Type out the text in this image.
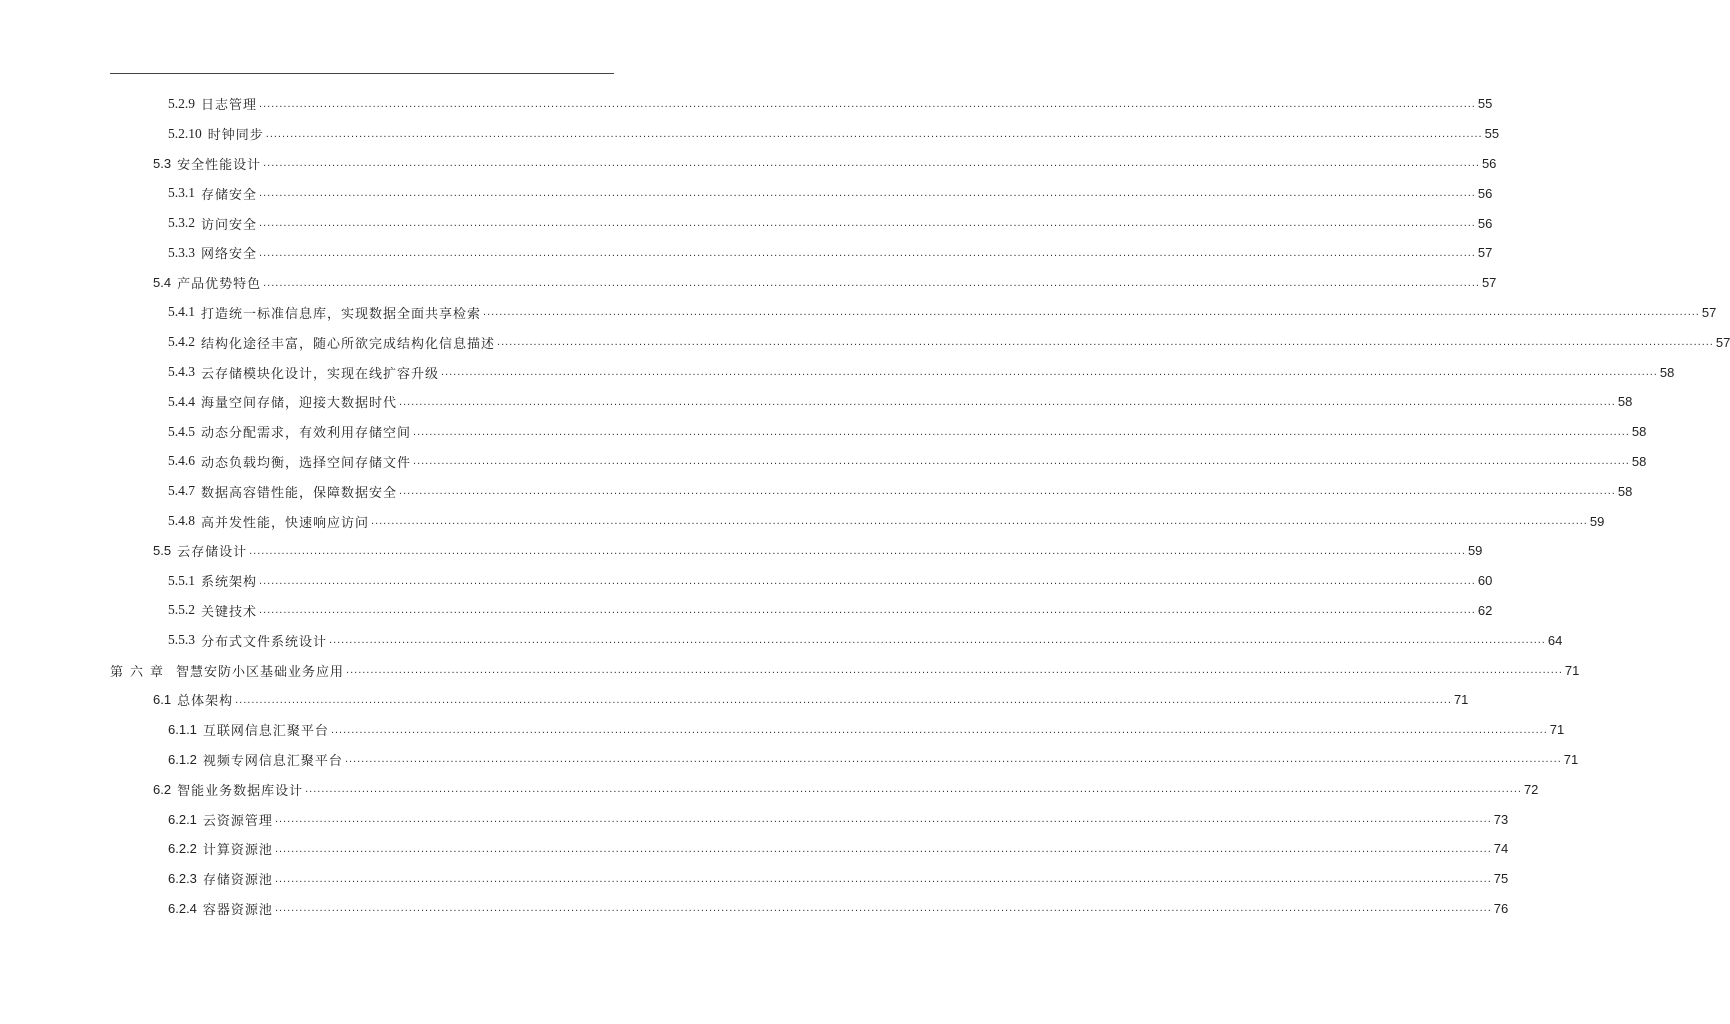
5.2.9 日志管理 ............................................................................................................................................................................................................................................................................................................ 55
5.2.10 时钟同步 ............................................................................................................................................................................................................................................................................................................ 55
5.3 安全性能设计 ............................................................................................................................................................................................................................................................................................................ 56
5.3.1 存储安全 ............................................................................................................................................................................................................................................................................................................ 56
5.3.2 访问安全 ............................................................................................................................................................................................................................................................................................................ 56
5.3.3 网络安全 ............................................................................................................................................................................................................................................................................................................ 57
5.4 产品优势特色 ............................................................................................................................................................................................................................................................................................................ 57
5.4.1 打造统一标准信息库，实现数据全面共享检索 ............................................................................................................................................................................................................................................................................................................ 57
5.4.2 结构化途径丰富，随心所欲完成结构化信息描述 ............................................................................................................................................................................................................................................................................................................ 57
5.4.3 云存储模块化设计，实现在线扩容升级 ............................................................................................................................................................................................................................................................................................................ 58
5.4.4 海量空间存储，迎接大数据时代 ............................................................................................................................................................................................................................................................................................................ 58
5.4.5 动态分配需求，有效利用存储空间 ............................................................................................................................................................................................................................................................................................................ 58
5.4.6 动态负载均衡，选择空间存储文件 ............................................................................................................................................................................................................................................................................................................ 58
5.4.7 数据高容错性能，保障数据安全 ............................................................................................................................................................................................................................................................................................................ 58
5.4.8 高并发性能，快速响应访问 ............................................................................................................................................................................................................................................................................................................ 59
5.5 云存储设计 ............................................................................................................................................................................................................................................................................................................ 59
5.5.1 系统架构 ............................................................................................................................................................................................................................................................................................................ 60
5.5.2 关键技术 ............................................................................................................................................................................................................................................................................................................ 62
5.5.3 分布式文件系统设计 ............................................................................................................................................................................................................................................................................................................ 64
第六章 智慧安防小区基础业务应用 ............................................................................................................................................................................................................................................................................................................ 71
6.1 总体架构 ............................................................................................................................................................................................................................................................................................................ 71
6.1.1 互联网信息汇聚平台 ............................................................................................................................................................................................................................................................................................................ 71
6.1.2 视频专网信息汇聚平台 ............................................................................................................................................................................................................................................................................................................ 71
6.2 智能业务数据库设计 ............................................................................................................................................................................................................................................................................................................ 72
6.2.1 云资源管理 ............................................................................................................................................................................................................................................................................................................ 73
6.2.2 计算资源池 ............................................................................................................................................................................................................................................................................................................ 74
6.2.3 存储资源池 ............................................................................................................................................................................................................................................................................................................ 75
6.2.4 容器资源池 ............................................................................................................................................................................................................................................................................................................ 76
